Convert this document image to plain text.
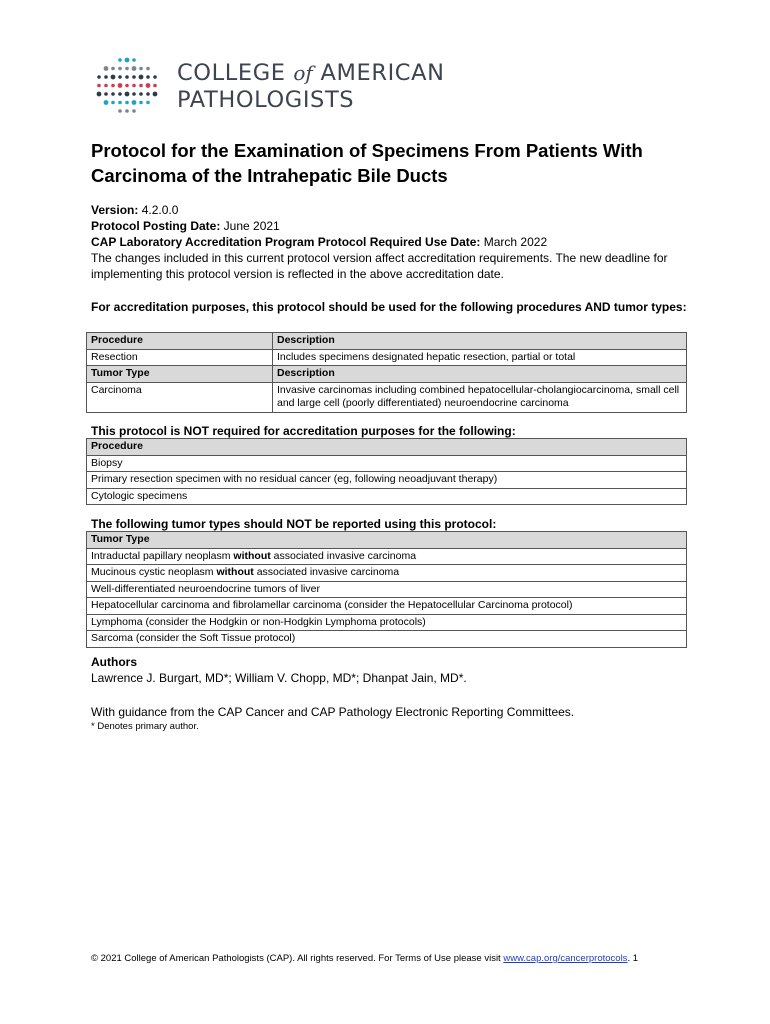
COLLEGE of AMERICAN
PATHOLOGISTS
Protocol for the Examination of Specimens From Patients With Carcinoma of the Intrahepatic Bile Ducts

Version: 4.2.0.0

Protocol Posting Date: June 2021

CAP Laboratory Accreditation Program Protocol Required Use Date: March 2022

The changes included in this current protocol version affect accreditation requirements. The new deadline for implementing this protocol version is reflected in the above accreditation date.

For accreditation purposes, this protocol should be used for the following procedures AND tumor types:

Procedure	Description
Resection	Includes specimens designated hepatic resection, partial or total
Tumor Type	Description
Carcinoma	Invasive carcinomas including combined hepatocellular-cholangiocarcinoma, small cell and large cell (poorly differentiated) neuroendocrine carcinoma

This protocol is NOT required for accreditation purposes for the following:

Procedure
Biopsy
Primary resection specimen with no residual cancer (eg, following neoadjuvant therapy)
Cytologic specimens

The following tumor types should NOT be reported using this protocol:

Tumor Type
Intraductal papillary neoplasm without associated invasive carcinoma
Mucinous cystic neoplasm without associated invasive carcinoma
Well-differentiated neuroendocrine tumors of liver
Hepatocellular carcinoma and fibrolamellar carcinoma (consider the Hepatocellular Carcinoma protocol)
Lymphoma (consider the Hodgkin or non-Hodgkin Lymphoma protocols)
Sarcoma (consider the Soft Tissue protocol)

Authors

Lawrence J. Burgart, MD*; William V. Chopp, MD*; Dhanpat Jain, MD*.

With guidance from the CAP Cancer and CAP Pathology Electronic Reporting Committees.

* Denotes primary author.

© 2021 College of American Pathologists (CAP). All rights reserved. For Terms of Use please visit www.cap.org/cancerprotocols. 1
